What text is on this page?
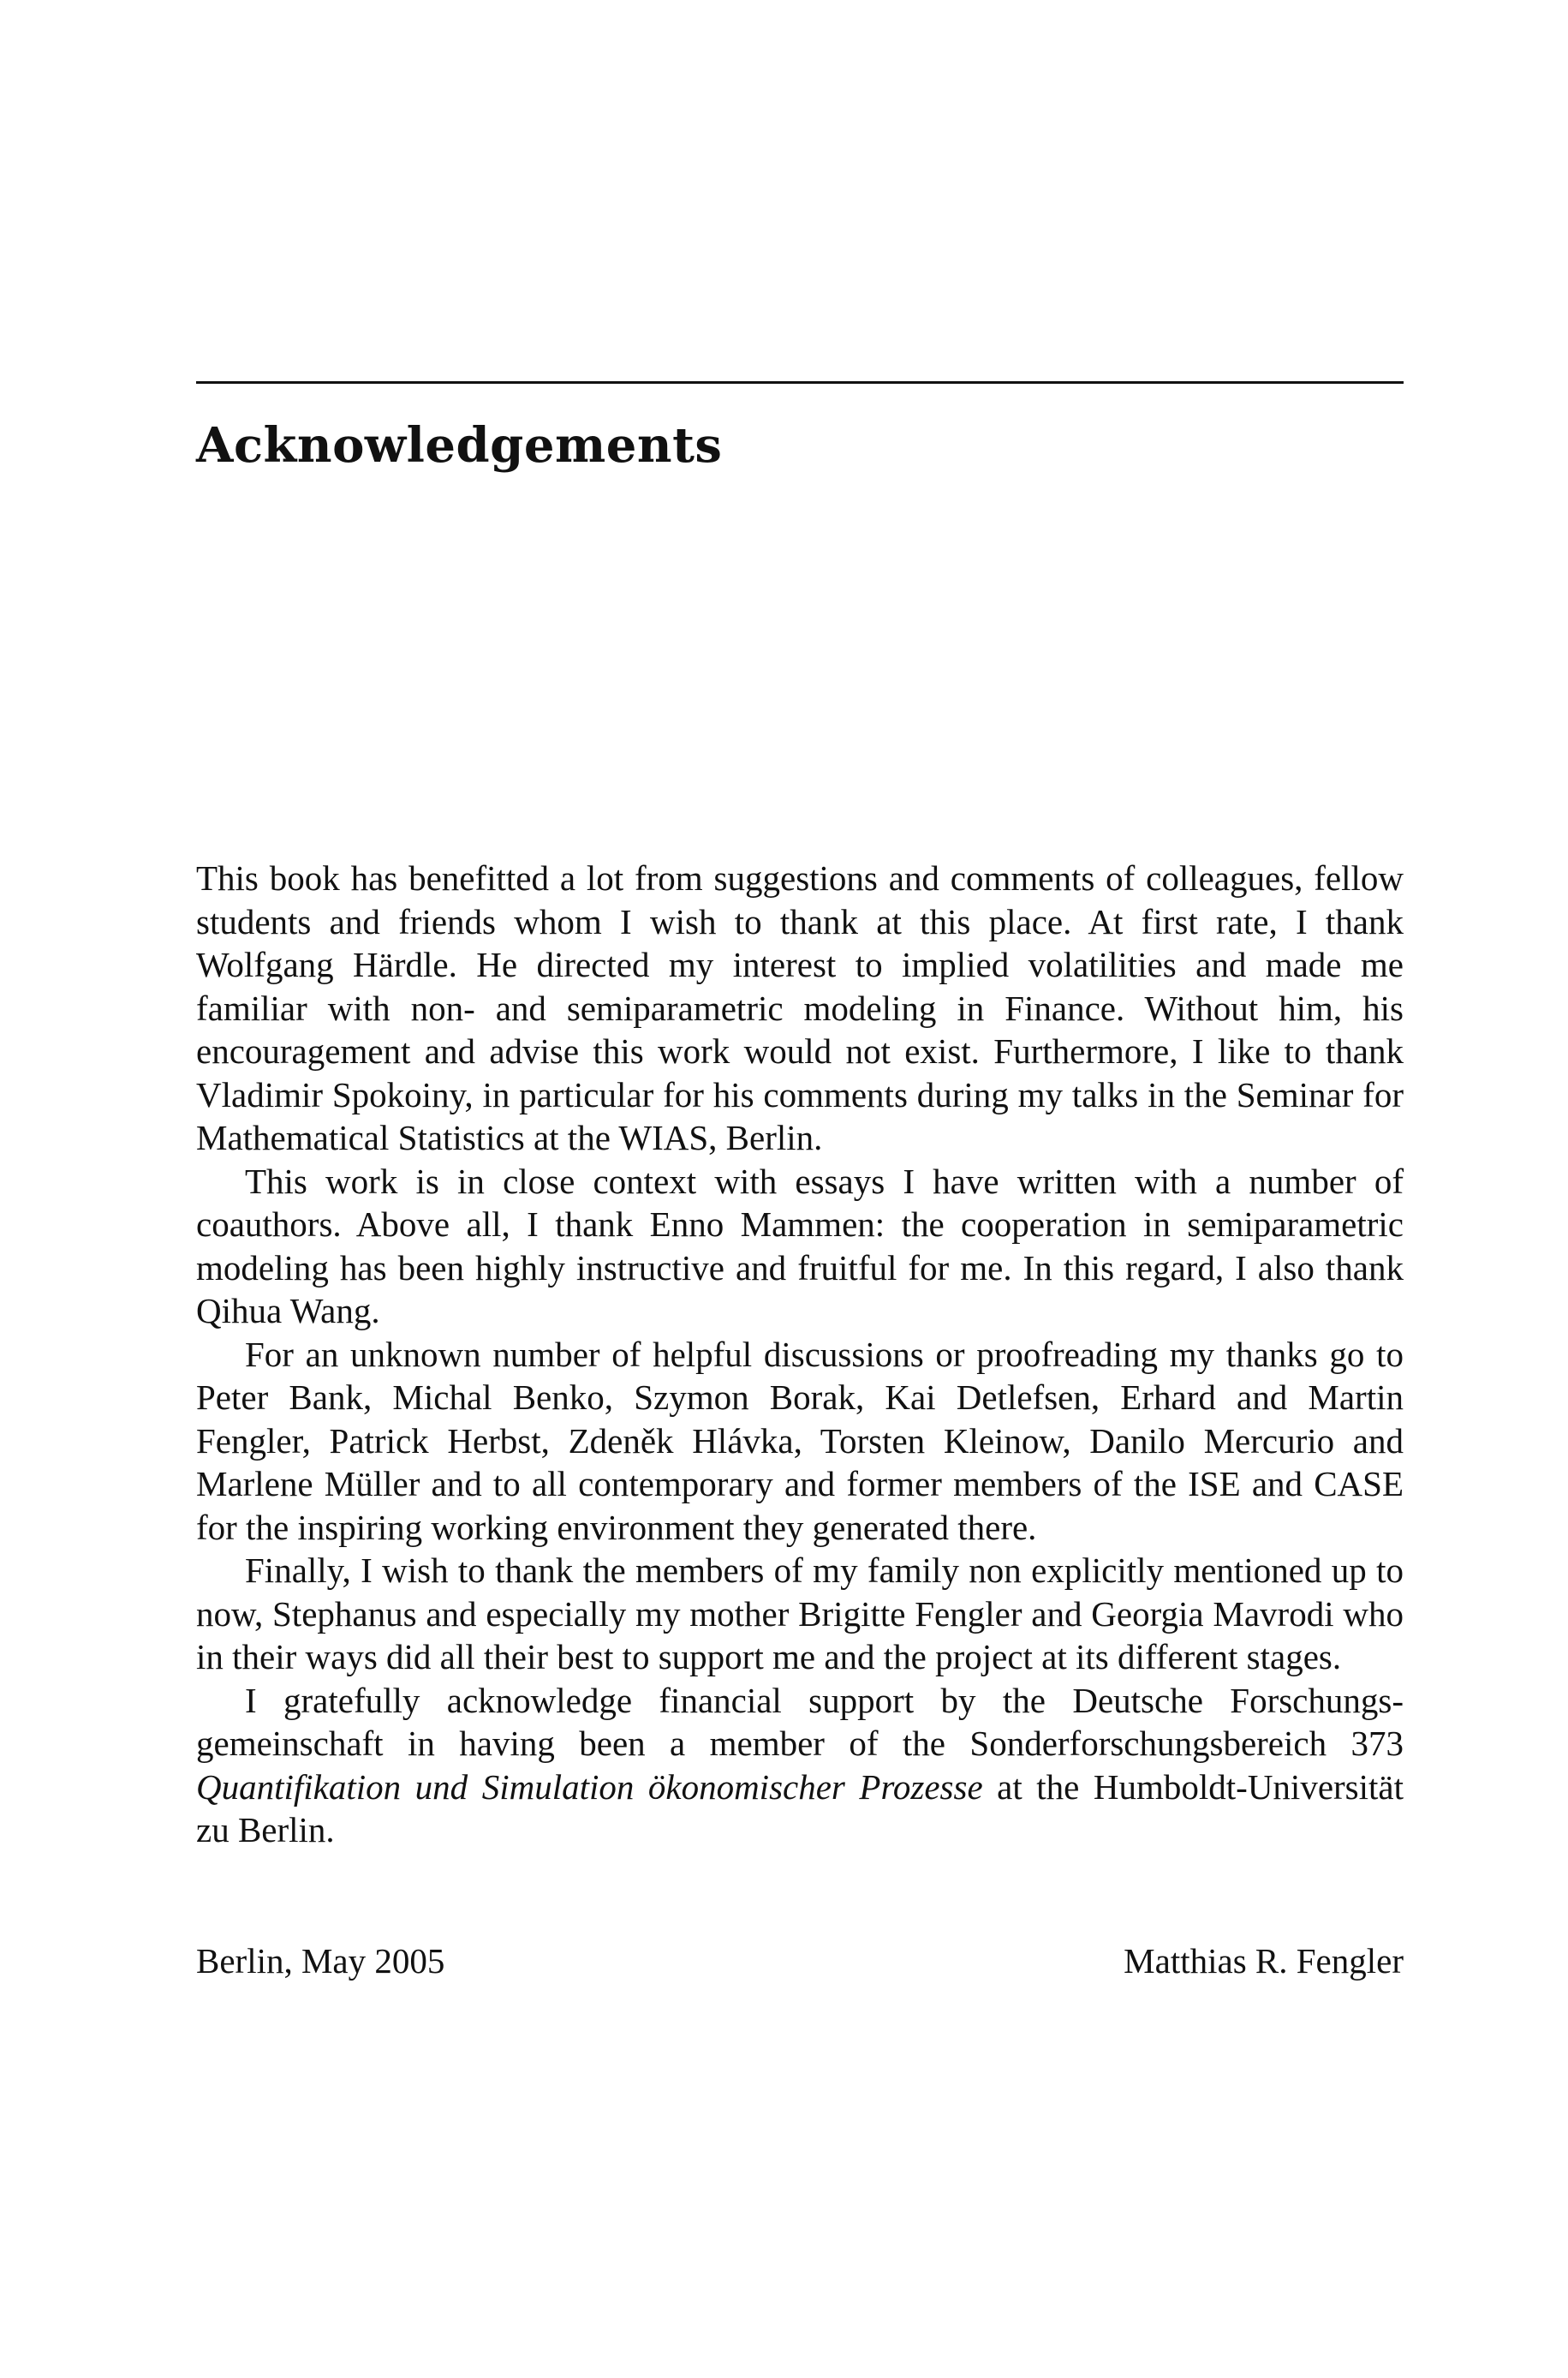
Acknowledgements

This book has benefitted a lot from suggestions and comments of colleagues, fellow students and friends whom I wish to thank at this place. At first rate, I thank Wolfgang Härdle. He directed my interest to implied volatilities and made me familiar with non- and semiparametric modeling in Finance. Without him, his encouragement and advise this work would not exist. Furthermore, I like to thank Vladimir Spokoiny, in particular for his comments during my talks in the Seminar for Mathematical Statistics at the WIAS, Berlin.

This work is in close context with essays I have written with a number of coauthors. Above all, I thank Enno Mammen: the cooperation in semiparametric modeling has been highly instructive and fruitful for me. In this regard, I also thank Qihua Wang.

For an unknown number of helpful discussions or proofreading my thanks go to Peter Bank, Michal Benko, Szymon Borak, Kai Detlefsen, Erhard and Martin Fengler, Patrick Herbst, Zdeněk Hlávka, Torsten Kleinow, Danilo Mercurio and Marlene Müller and to all contemporary and former members of the ISE and CASE for the inspiring working environment they generated there.

Finally, I wish to thank the members of my family non explicitly mentioned up to now, Stephanus and especially my mother Brigitte Fengler and Georgia Mavrodi who in their ways did all their best to support me and the project at its different stages.

I gratefully acknowledge financial support by the Deutsche Forschungsgemeinschaft in having been a member of the Sonderforschungsbereich 373 Quantifikation und Simulation ökonomischer Prozesse at the Humboldt-Universität zu Berlin.

Berlin, May 2005	Matthias R. Fengler
